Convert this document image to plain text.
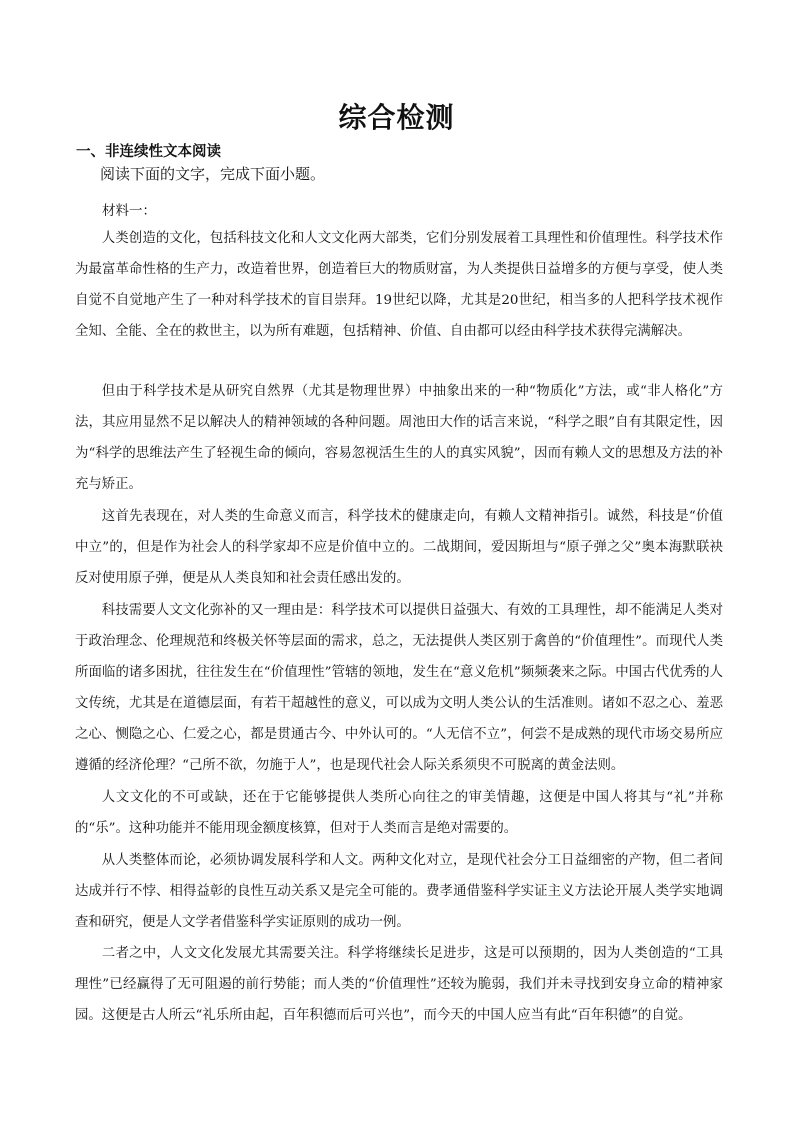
综合检测
一、非连续性文本阅读
阅读下面的文字，完成下面小题。
材料一：

人类创造的文化，包括科技文化和人文文化两大部类，它们分别发展着工具理性和价值理性。科学技术作为最富革命性格的生产力，改造着世界，创造着巨大的物质财富，为人类提供日益增多的方便与享受，使人类自觉不自觉地产生了一种对科学技术的盲目崇拜。19世纪以降，尤其是20世纪，相当多的人把科学技术视作全知、全能、全在的救世主，以为所有难题，包括精神、价值、自由都可以经由科学技术获得完满解决。

但由于科学技术是从研究自然界（尤其是物理世界）中抽象出来的一种“物质化”方法，或“非人格化”方法，其应用显然不足以解决人的精神领域的各种问题。周池田大作的话言来说，“科学之眼”自有其限定性，因为“科学的思维法产生了轻视生命的倾向，容易忽视活生生的人的真实风貌”，因而有赖人文的思想及方法的补充与矫正。

这首先表现在，对人类的生命意义而言，科学技术的健康走向，有赖人文精神指引。诚然，科技是“价值中立”的，但是作为社会人的科学家却不应是价值中立的。二战期间，爱因斯坦与“原子弹之父”奥本海默联袂反对使用原子弹，便是从人类良知和社会责任感出发的。

科技需要人文文化弥补的又一理由是：科学技术可以提供日益强大、有效的工具理性，却不能满足人类对于政治理念、伦理规范和终极关怀等层面的需求，总之，无法提供人类区别于禽兽的“价值理性”。而现代人类所面临的诸多困扰，往往发生在“价值理性”管辖的领地，发生在“意义危机”频频袭来之际。中国古代优秀的人文传统，尤其是在道德层面，有若干超越性的意义，可以成为文明人类公认的生活准则。诸如不忍之心、羞恶之心、恻隐之心、仁爱之心，都是贯通古今、中外认可的。“人无信不立”，何尝不是成熟的现代市场交易所应遵循的经济伦理？“己所不欲，勿施于人”，也是现代社会人际关系须臾不可脱离的黄金法则。

人文文化的不可或缺，还在于它能够提供人类所心向往之的审美情趣，这便是中国人将其与“礼”并称的“乐”。这种功能并不能用现金额度核算，但对于人类而言是绝对需要的。

从人类整体而论，必须协调发展科学和人文。两种文化对立，是现代社会分工日益细密的产物，但二者间达成并行不悖、相得益彰的良性互动关系又是完全可能的。费孝通借鉴科学实证主义方法论开展人类学实地调查和研究，便是人文学者借鉴科学实证原则的成功一例。

二者之中，人文文化发展尤其需要关注。科学将继续长足进步，这是可以预期的，因为人类创造的“工具理性”已经赢得了无可阻遏的前行势能；而人类的“价值理性”还较为脆弱，我们并未寻找到安身立命的精神家园。这便是古人所云“礼乐所由起，百年积德而后可兴也”，而今天的中国人应当有此“百年积德”的自觉。
